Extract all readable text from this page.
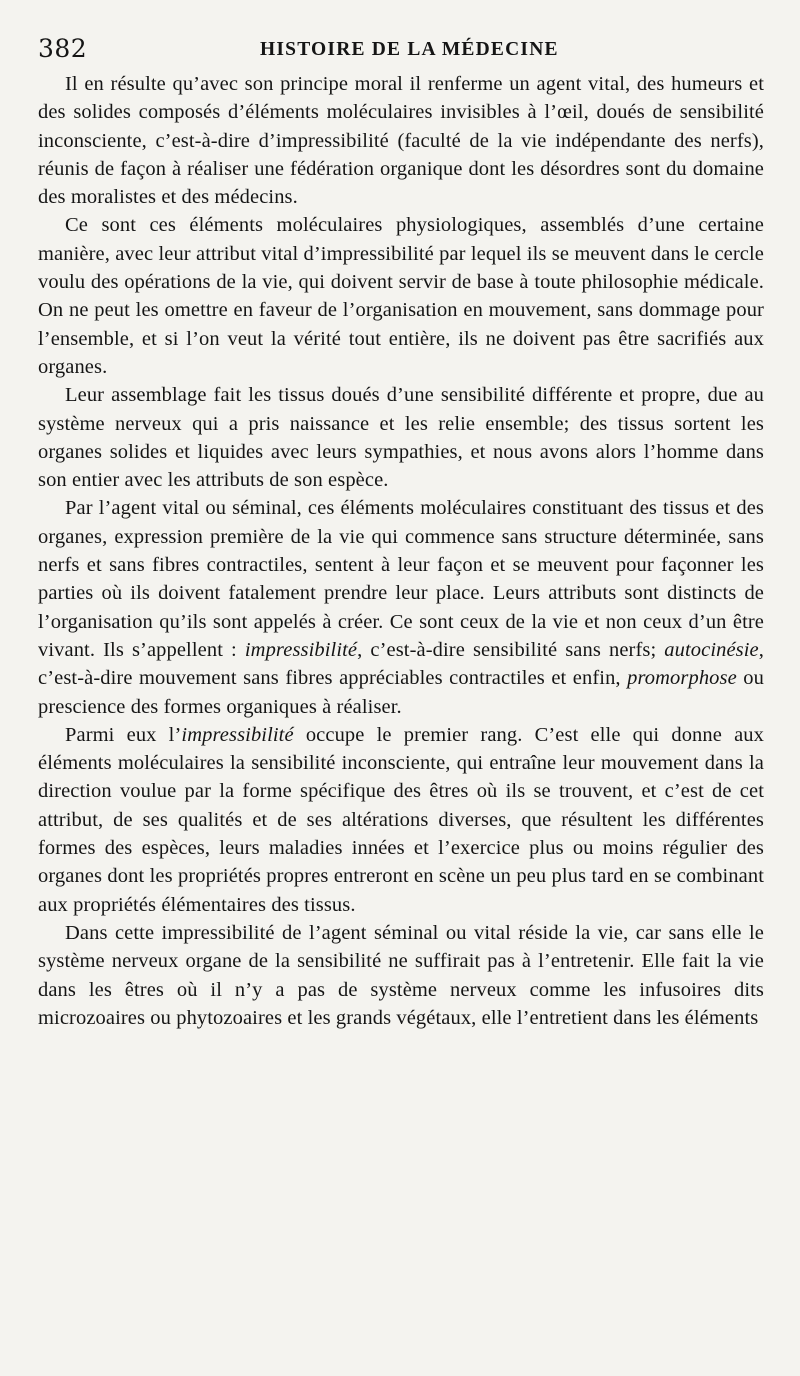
382	HISTOIRE DE LA MÉDECINE

Il en résulte qu’avec son principe moral il renferme un agent vital, des humeurs et des solides composés d’éléments moléculaires invisibles à l’œil, doués de sensibilité inconsciente, c’est-à-dire d’impressibilité (faculté de la vie indépendante des nerfs), réunis de façon à réaliser une fédération organique dont les désordres sont du domaine des moralistes et des médecins.

Ce sont ces éléments moléculaires physiologiques, assemblés d’une certaine manière, avec leur attribut vital d’impressibilité par lequel ils se meuvent dans le cercle voulu des opérations de la vie, qui doivent servir de base à toute philosophie médicale. On ne peut les omettre en faveur de l’organisation en mouvement, sans dommage pour l’ensemble, et si l’on veut la vérité tout entière, ils ne doivent pas être sacrifiés aux organes.

Leur assemblage fait les tissus doués d’une sensibilité différente et propre, due au système nerveux qui a pris naissance et les relie ensemble; des tissus sortent les organes solides et liquides avec leurs sympathies, et nous avons alors l’homme dans son entier avec les attributs de son espèce.

Par l’agent vital ou séminal, ces éléments moléculaires constituant des tissus et des organes, expression première de la vie qui commence sans structure déterminée, sans nerfs et sans fibres contractiles, sentent à leur façon et se meuvent pour façonner les parties où ils doivent fatalement prendre leur place. Leurs attributs sont distincts de l’organisation qu’ils sont appelés à créer. Ce sont ceux de la vie et non ceux d’un être vivant. Ils s’appellent : impressibilité, c’est-à-dire sensibilité sans nerfs; autocinésie, c’est-à-dire mouvement sans fibres appréciables contractiles et enfin, promorphose ou prescience des formes organiques à réaliser.

Parmi eux l’impressibilité occupe le premier rang. C’est elle qui donne aux éléments moléculaires la sensibilité inconsciente, qui entraîne leur mouvement dans la direction voulue par la forme spécifique des êtres où ils se trouvent, et c’est de cet attribut, de ses qualités et de ses altérations diverses, que résultent les différentes formes des espèces, leurs maladies innées et l’exercice plus ou moins régulier des organes dont les propriétés propres entreront en scène un peu plus tard en se combinant aux propriétés élémentaires des tissus.

Dans cette impressibilité de l’agent séminal ou vital réside la vie, car sans elle le système nerveux organe de la sensibilité ne suffirait pas à l’entretenir. Elle fait la vie dans les êtres où il n’y a pas de système nerveux comme les infusoires dits microzoaires ou phytozoaires et les grands végétaux, elle l’entretient dans les éléments
